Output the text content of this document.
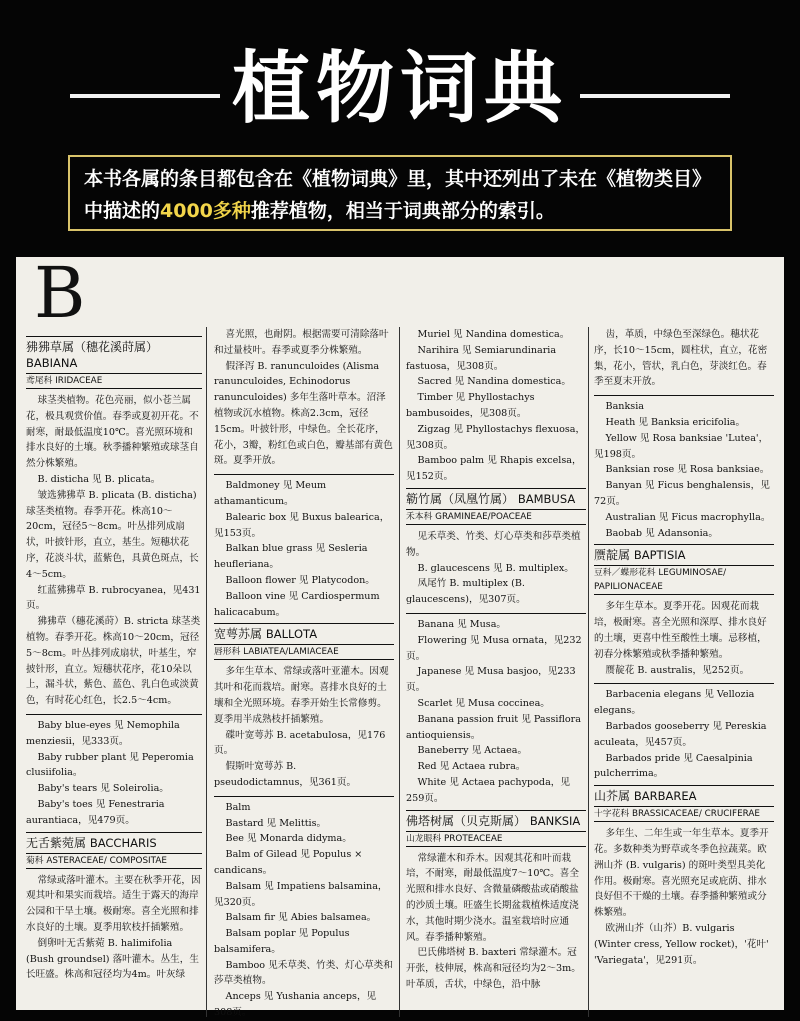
植物词典
本书各属的条目都包含在《植物词典》里，其中还列出了未在《植物类目》中描述的4000多种推荐植物，相当于词典部分的索引。
B
狒狒草属（穗花溪莳属） BABIANA
鸢尾科 IRIDACEAE

球茎类植物。花色亮丽，似小苍兰属花，极具观赏价值。春季或夏初开花。不耐寒，耐最低温度10℃。喜光照环境和排水良好的土壤。秋季播种繁殖或球茎自然分株繁殖。

B. disticha 见 B. plicata。

皱选狒狒草 B. plicata (B. disticha) 球茎类植物。春季开花。株高10～20cm，冠径5～8cm。叶丛排列成扇状，叶披针形，直立，基生。短穗状花序，花淡斗状，蓝紫色，具黄色斑点，长4～5cm。

红蓝狒狒草 B. rubrocyanea，见431页。

狒狒草（穗花溪莳）B. stricta 球茎类植物。春季开花。株高10～20cm，冠径5～8cm。叶丛排列成扇状，叶基生，窄披针形，直立。短穗状花序，花10朵以上，漏斗状，紫色、蓝色、乳白色或淡黄色，有时花心红色，长2.5～4cm。

Baby blue-eyes 见 Nemophila menziesii，见333页。

Baby rubber plant 见 Peperomia clusiifolia。

Baby's tears 见 Soleirolia。

Baby's toes 见 Fenestraria aurantiaca，见479页。

无舌紫菀属 BACCHARIS
菊科 ASTERACEAE/ COMPOSITAE

常绿或落叶灌木。主要在秋季开花，因观其叶和果实而栽培。适生于露天的海岸公园和干旱土壤。极耐寒。喜全光照和排水良好的土壤。夏季用软枝扦插繁殖。

倒卵叶无舌紫菀 B. halimifolia (Bush groundsel) 落叶灌木。丛生，生长旺盛。株高和冠径均为4m。叶灰绿

喜光照，也耐阴。根据需要可清除落叶和过量枝叶。春季或夏季分株繁殖。

假泽泻 B. ranunculoides (Alisma ranunculoides, Echinodorus ranunculoides) 多年生落叶草本。沼泽植物或沉水植物。株高2.3cm，冠径15cm。叶披针形，中绿色。全长花序，花小，3瓣，粉红色或白色，瓣基部有黄色斑。夏季开放。

Baldmoney 见 Meum athamanticum。

Balearic box 见 Buxus balearica，见153页。

Balkan blue grass 见 Sesleria heufleriana。

Balloon flower 见 Platycodon。

Balloon vine 见 Cardiospermum halicacabum。

宽萼苏属 BALLOTA
唇形科 LABIATEA/LAMIACEAE

多年生草本、常绿或落叶亚灌木。因观其叶和花而栽培。耐寒。喜排水良好的土壤和全光照环境。春季开始生长常修剪。夏季用半成熟枝扦插繁殖。

碟叶宽萼苏 B. acetabulosa，见176页。

假斯叶宽萼苏 B. pseudodictamnus，见361页。

Balm

Bastard 见 Melittis。

Bee 见 Monarda didyma。

Balm of Gilead 见 Populus × candicans。

Balsam 见 Impatiens balsamina，见320页。

Balsam fir 见 Abies balsamea。

Balsam poplar 见 Populus balsamifera。

Bamboo 见禾草类、竹类、灯心草类和莎草类植物。

Anceps 见 Yushania anceps，见308页。

Muriel 见 Nandina domestica。

Narihira 见 Semiarundinaria fastuosa，见308页。

Sacred 见 Nandina domestica。

Timber 见 Phyllostachys bambusoides，见308页。

Zigzag 见 Phyllostachys flexuosa，见308页。

Bamboo palm 见 Rhapis excelsa，见152页。

簕竹属（凤凰竹属） BAMBUSA
禾本科 GRAMINEAE/POACEAE

见禾草类、竹类、灯心草类和莎草类植物。

B. glaucescens 见 B. multiplex。

凤尾竹 B. multiplex (B. glaucescens)，见307页。

Banana 见 Musa。

Flowering 见 Musa ornata，见232页。

Japanese 见 Musa basjoo，见233页。

Scarlet 见 Musa coccinea。

Banana passion fruit 见 Passiflora antioquiensis。

Baneberry 见 Actaea。

Red 见 Actaea rubra。

White 见 Actaea pachypoda，见259页。

佛塔树属（贝克斯属） BANKSIA
山龙眼科 PROTEACEAE

常绿灌木和乔木。因观其花和叶而栽培，不耐寒，耐最低温度7～10℃。喜全光照和排水良好、含微量磷酸盐或硝酸盐的沙质土壤。旺盛生长期盆栽植株适度浇水，其他时期少浇水。温室栽培时应通风。春季播种繁殖。

巴氏佛塔树 B. baxteri 常绿灌木。冠开张，枝伸展，株高和冠径均为2～3m。叶革质，舌状，中绿色，沿中脉

齿，革质，中绿色至深绿色。穗状花序，长10～15cm，圆柱状，直立，花密集，花小，管状，乳白色，芽淡红色。春季至夏末开放。

Banksia

Heath 见 Banksia ericifolia。

Yellow 见 Rosa banksiae 'Lutea'，见198页。

Banksian rose 见 Rosa banksiae。

Banyan 见 Ficus benghalensis，见72页。

Australian 见 Ficus macrophylla。

Baobab 见 Adansonia。

赝靛属 BAPTISIA
豆科／蝶形花科 LEGUMINOSAE/ PAPILIONACEAE

多年生草本。夏季开花。因观花而栽培，极耐寒。喜全光照和深厚、排水良好的土壤，更喜中性至酸性土壤。忌移植，初春分株繁殖或秋季播种繁殖。

赝靛花 B. australis，见252页。

Barbacenia elegans 见 Vellozia elegans。

Barbados gooseberry 见 Pereskia aculeata，见457页。

Barbados pride 见 Caesalpinia pulcherrima。

山芥属 BARBAREA
十字花科 BRASSICACEAE/ CRUCIFERAE

多年生、二年生或一年生草本。夏季开花。多数种类为野草或冬季色拉蔬菜。欧洲山芥 (B. vulgaris) 的斑叶类型具美化作用。极耐寒。喜光照充足或庇荫、排水良好但不干燥的土壤。春季播种繁殖或分株繁殖。

欧洲山芥（山芥）B. vulgaris (Winter cress, Yellow rocket)，'花叶' 'Variegata'，见291页。
